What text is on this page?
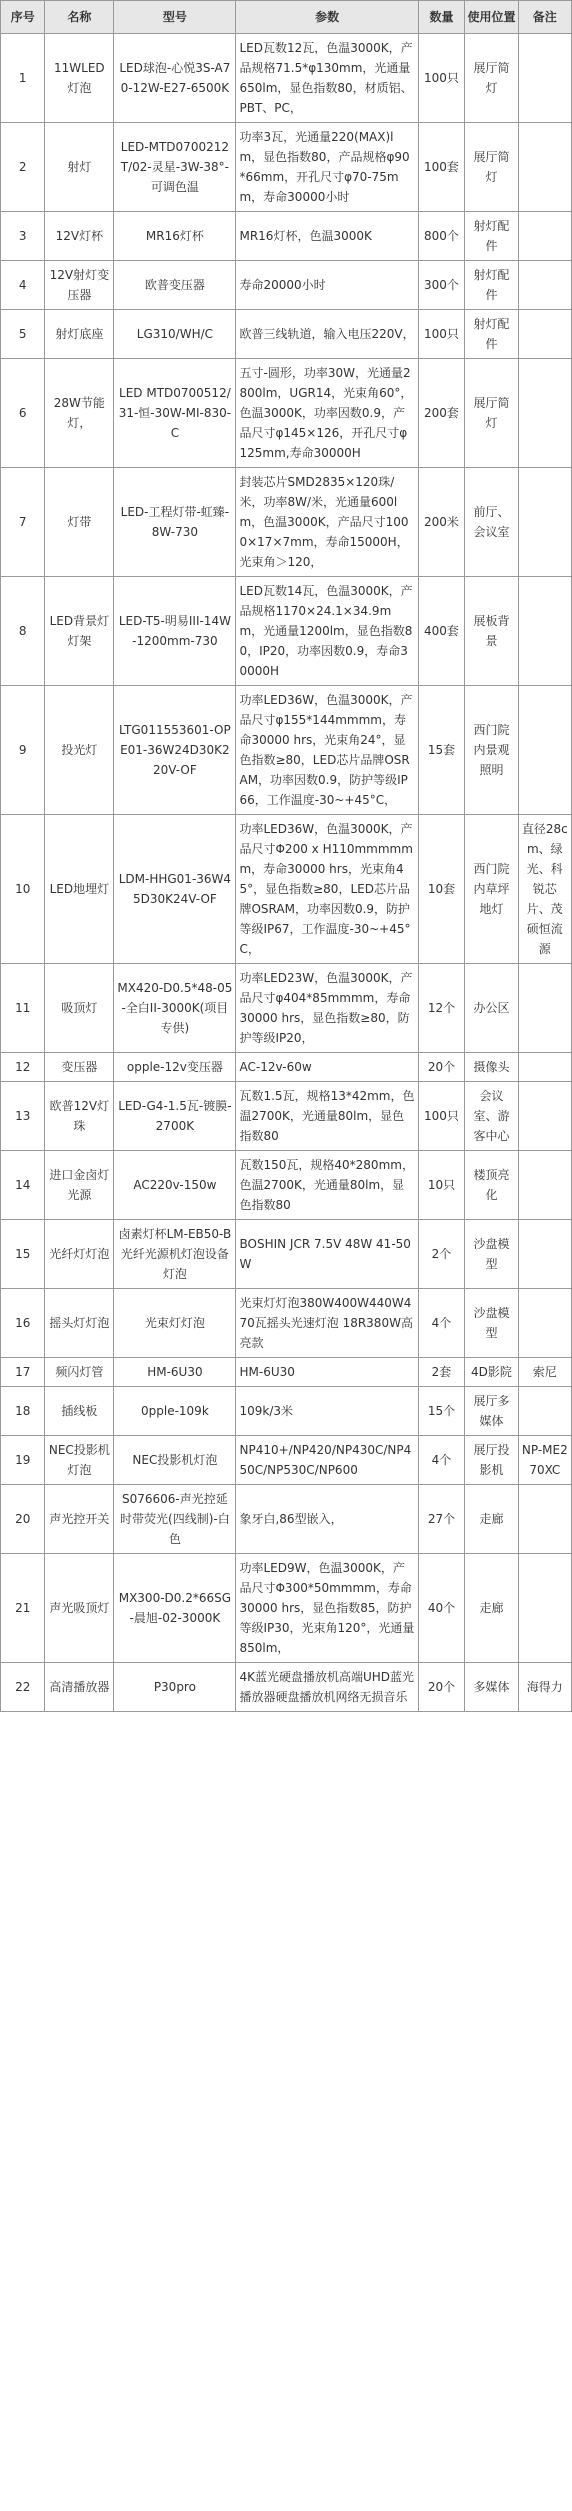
序号	名称	型号	参数	数量	使用位置	备注
1	11WLED灯泡	LED球泡-心悦3S-A70-12W-E27-6500K	LED瓦数12瓦，色温3000K，产品规格71.5*φ130mm，光通量650lm，显色指数80，材质铝、PBT、PC，	100只	展厅简灯	
2	射灯	LED-MTD0700212T/02-灵星-3W-38°-可调色温	功率3瓦，光通量220(MAX)lm，显色指数80，产品规格φ90*66mm，开孔尺寸φ70-75mm，寿命30000小时	100套	展厅简灯	
3	12V灯杯	MR16灯杯	MR16灯杯，色温3000K	800个	射灯配件	
4	12V射灯变压器	欧普变压器	寿命20000小时	300个	射灯配件	
5	射灯底座	LG310/WH/C	欧普三线轨道，输入电压220V，	100只	射灯配件	
6	28W节能灯，	LED MTD0700512/31-恒-30W-MI-830-C	五寸-圆形，功率30W，光通量2800lm，UGR14，光束角60°，色温3000K，功率因数0.9，产品尺寸φ145×126，开孔尺寸φ125mm,寿命30000H	200套	展厅简灯	
7	灯带	LED-工程灯带-虹臻-8W-730	封装芯片SMD2835×120珠/米，功率8W/米，光通量600lm，色温3000K，产品尺寸1000×17×7mm，寿命15000H，光束角＞120，	200米	前厅、会议室	
8	LED背景灯灯架	LED-T5-明易III-14W-1200mm-730	LED瓦数14瓦，色温3000K，产品规格1170×24.1×34.9mm，光通量1200lm，显色指数80，IP20，功率因数0.9，寿命30000H	400套	展板背景	
9	投光灯	LTG011553601-OPE01-36W24D30K220V-OF	功率LED36W，色温3000K，产品尺寸φ155*144mmmm，寿命30000 hrs，光束角24°，显色指数≥80，LED芯片品牌OSRAM，功率因数0.9，防护等级IP66，工作温度-30~+45°C，	15套	西门院内景观照明	
10	LED地埋灯	LDM-HHG01-36W45D30K24V-OF	功率LED36W，色温3000K，产品尺寸Φ200 x H110mmmmmm，寿命30000 hrs，光束角45°，显色指数≥80，LED芯片品牌OSRAM，功率因数0.9，防护等级IP67，工作温度-30~+45°C，	10套	西门院内草坪地灯	直径28cm、绿光、科锐芯片、茂硕恒流源
11	吸顶灯	MX420-D0.5*48-05-全白II-3000K(项目专供)	功率LED23W，色温3000K，产品尺寸φ404*85mmmm，寿命30000 hrs，显色指数≥80，防护等级IP20，	12个	办公区	
12	变压器	opple-12v变压器	AC-12v-60w	20个	摄像头	
13	欧普12V灯珠	LED-G4-1.5瓦-镀膜-2700K	瓦数1.5瓦，规格13*42mm，色温2700K，光通量80lm，显色指数80	100只	会议室、游客中心	
14	进口金卤灯光源	AC220v-150w	瓦数150瓦，规格40*280mm，色温2700K，光通量80lm，显色指数80	10只	楼顶亮化	
15	光纤灯灯泡	卤素灯杯LM-EB50-B 光纤光源机灯泡设备灯泡	BOSHIN JCR 7.5V 48W 41-50W	2个	沙盘模型	
16	摇头灯灯泡	光束灯灯泡	光束灯灯泡380W400W440W470瓦摇头光速灯泡 18R380W高亮款	4个	沙盘模型	
17	频闪灯管	HM-6U30	HM-6U30	2套	4D影院	索尼
18	插线板	0pple-109k	109k/3米	15个	展厅多媒体	
19	NEC投影机灯泡	NEC投影机灯泡	NP410+/NP420/NP430C/NP450C/NP530C/NP600	4个	展厅投影机	NP-ME270XC
20	声光控开关	S076606-声光控延时带荧光(四线制)-白色	象牙白,86型嵌入，	27个	走廊	
21	声光吸顶灯	MX300-D0.2*66SG-晨旭-02-3000K	功率LED9W，色温3000K，产品尺寸Φ300*50mmmm，寿命30000 hrs，显色指数85，防护等级IP30，光束角120°，光通量850lm，	40个	走廊	
22	高清播放器	P30pro	4K蓝光硬盘播放机高端UHD蓝光播放器硬盘播放机网络无损音乐	20个	多媒体	海得力
